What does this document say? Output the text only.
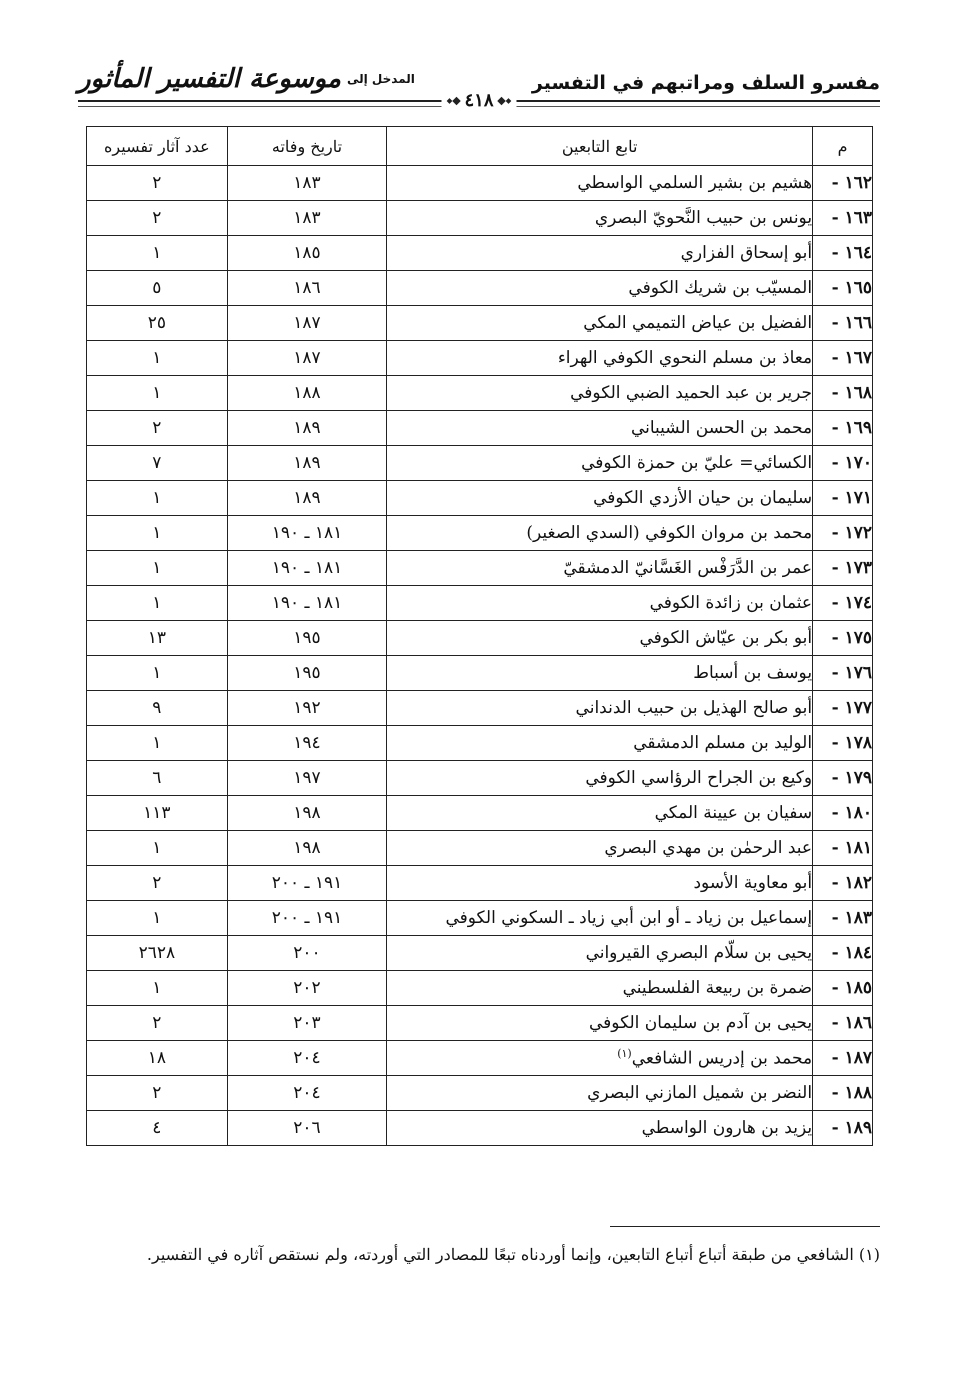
مفسرو السلف ومراتبهم في التفسير
المدخل إلى
موسوعة التفسير المأثور
٤١٨
م	تابع التابعين	تاريخ وفاته	عدد آثار تفسيره
١٦٢ -	هشيم بن بشير السلمي الواسطي	١٨٣	٢
١٦٣ -	يونس بن حبيب النَّحويّ البصري	١٨٣	٢
١٦٤ -	أبو إسحاق الفزاري	١٨٥	١
١٦٥ -	المسيّب بن شريك الكوفي	١٨٦	٥
١٦٦ -	الفضيل بن عياض التميمي المكي	١٨٧	٢٥
١٦٧ -	معاذ بن مسلم النحوي الكوفي الهراء	١٨٧	١
١٦٨ -	جرير بن عبد الحميد الضبي الكوفي	١٨٨	١
١٦٩ -	محمد بن الحسن الشيباني	١٨٩	٢
١٧٠ -	الكسائي= عليّ بن حمزة الكوفي	١٨٩	٧
١٧١ -	سليمان بن حيان الأزدي الكوفي	١٨٩	١
١٧٢ -	محمد بن مروان الكوفي (السدي الصغير)	١٨١ ـ ١٩٠	١
١٧٣ -	عمر بن الدَّرَفْس الغَسَّانيّ الدمشقيّ	١٨١ ـ ١٩٠	١
١٧٤ -	عثمان بن زائدة الكوفي	١٨١ ـ ١٩٠	١
١٧٥ -	أبو بكر بن عيّاش الكوفي	١٩٥	١٣
١٧٦ -	يوسف بن أسباط	١٩٥	١
١٧٧ -	أبو صالح الهذيل بن حبيب الدنداني	١٩٢	٩
١٧٨ -	الوليد بن مسلم الدمشقي	١٩٤	١
١٧٩ -	وكيع بن الجراح الرؤاسي الكوفي	١٩٧	٦
١٨٠ -	سفيان بن عيينة المكي	١٩٨	١١٣
١٨١ -	عبد الرحمٰن بن مهدي البصري	١٩٨	١
١٨٢ -	أبو معاوية الأسود	١٩١ ـ ٢٠٠	٢
١٨٣ -	إسماعيل بن زياد ـ أو ابن أبي زياد ـ السكوني الكوفي	١٩١ ـ ٢٠٠	١
١٨٤ -	يحيى بن سلّام البصري القيرواني	٢٠٠	٢٦٢٨
١٨٥ -	ضمرة بن ربيعة الفلسطيني	٢٠٢	١
١٨٦ -	يحيى بن آدم بن سليمان الكوفي	٢٠٣	٢
١٨٧ -	محمد بن إدريس الشافعي$^{(١)}$	٢٠٤	١٨
١٨٨ -	النضر بن شميل المازني البصري	٢٠٤	٢
١٨٩ -	يزيد بن هارون الواسطي	٢٠٦	٤
(١) الشافعي من طبقة أتباع أتباع التابعين، وإنما أوردناه تبعًا للمصادر التي أوردته، ولم نستقص آثاره في التفسير.
